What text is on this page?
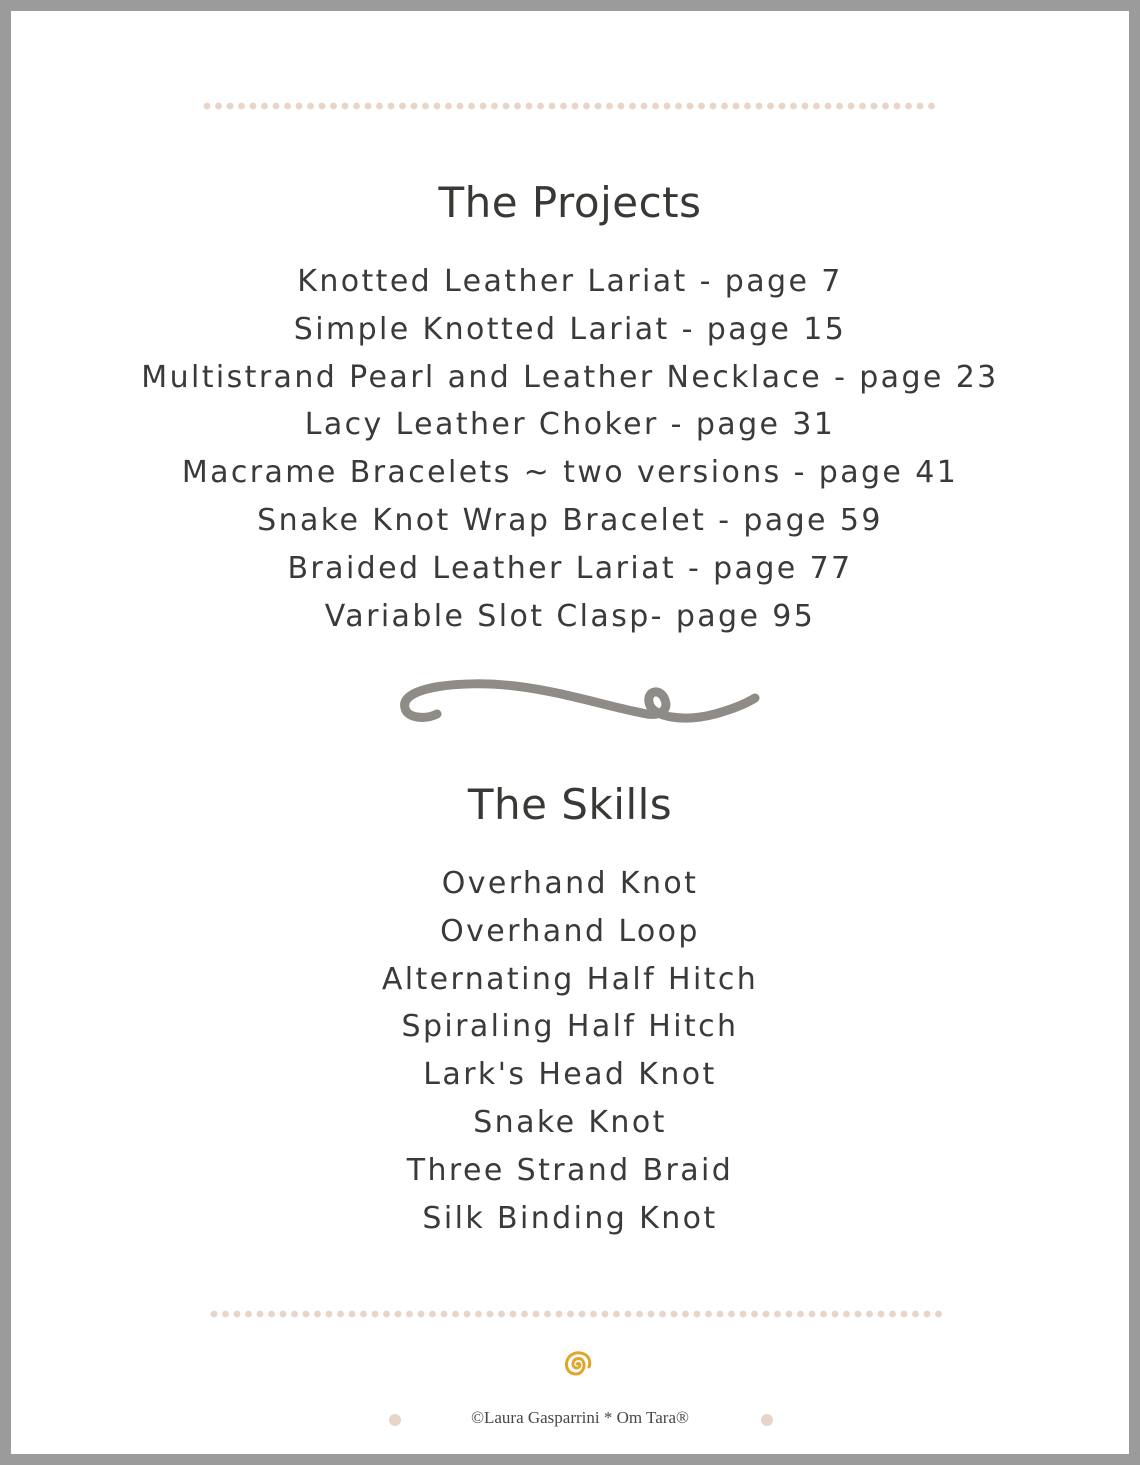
The Projects
Knotted Leather Lariat - page 7
Simple Knotted Lariat - page 15
Multistrand Pearl and Leather Necklace - page 23
Lacy Leather Choker - page 31
Macrame Bracelets ~ two versions - page 41
Snake Knot Wrap Bracelet - page 59
Braided Leather Lariat - page 77
Variable Slot Clasp- page 95
The Skills
Overhand Knot
Overhand Loop
Alternating Half Hitch
Spiraling Half Hitch
Lark's Head Knot
Snake Knot
Three Strand Braid
Silk Binding Knot

©Laura Gasparrini * Om Tara®
